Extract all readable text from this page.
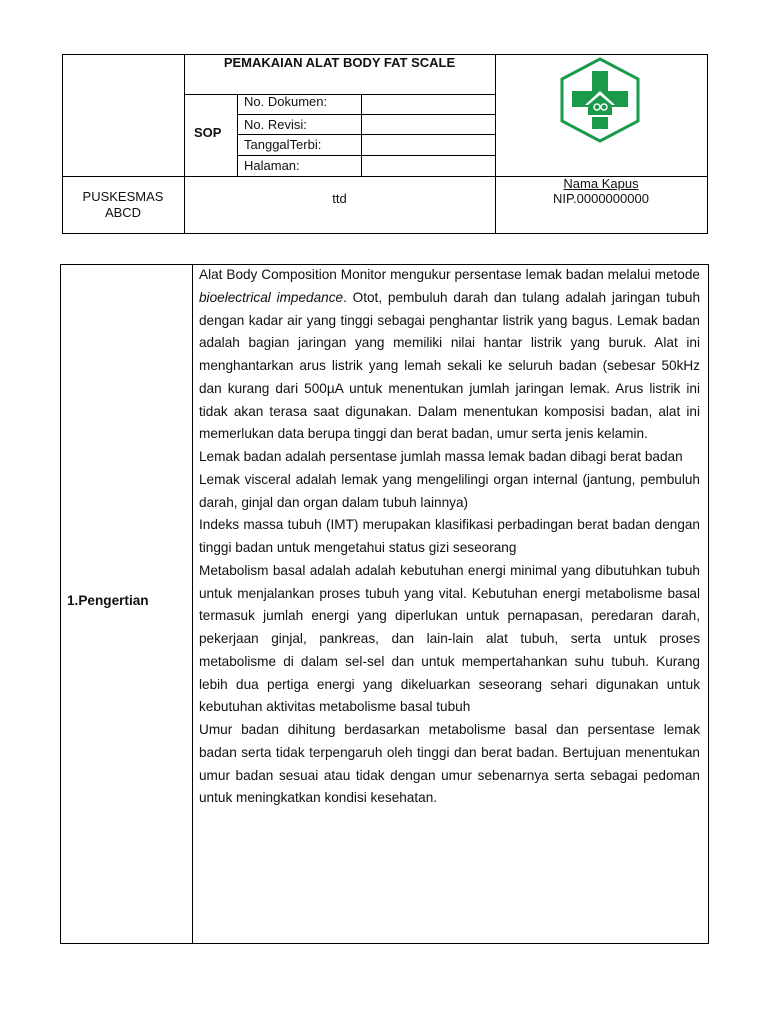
PEMAKAIAN ALAT BODY FAT SCALE
SOP
No. Dokumen:
No. Revisi:
TanggalTerbi:
Halaman:
PUSKESMAS
ABCD
ttd
Nama Kapus
NIP.0000000000
1.Pengertian

Alat Body Composition Monitor mengukur persentase lemak badan melalui metode bioelectrical impedance. Otot, pembuluh darah dan tulang adalah jaringan tubuh dengan kadar air yang tinggi sebagai penghantar listrik yang bagus. Lemak badan adalah bagian jaringan yang memiliki nilai hantar listrik yang buruk. Alat ini menghantarkan arus listrik yang lemah sekali ke seluruh badan (sebesar 50kHz dan kurang dari 500µA untuk menentukan jumlah jaringan lemak. Arus listrik ini tidak akan terasa saat digunakan. Dalam menentukan komposisi badan, alat ini memerlukan data berupa tinggi dan berat badan, umur serta jenis kelamin.

Lemak badan adalah persentase jumlah massa lemak badan dibagi berat badan

Lemak visceral adalah lemak yang mengelilingi organ internal (jantung, pembuluh darah, ginjal dan organ dalam tubuh lainnya)

Indeks massa tubuh (IMT) merupakan klasifikasi perbadingan berat badan dengan tinggi badan untuk mengetahui status gizi seseorang

Metabolism basal adalah adalah kebutuhan energi minimal yang dibutuhkan tubuh untuk menjalankan proses tubuh yang vital. Kebutuhan energi metabolisme basal termasuk jumlah energi yang diperlukan untuk pernapasan, peredaran darah, pekerjaan ginjal, pankreas, dan lain-lain alat tubuh, serta untuk proses metabolisme di dalam sel-sel dan untuk mempertahankan suhu tubuh. Kurang lebih dua pertiga energi yang dikeluarkan seseorang sehari digunakan untuk kebutuhan aktivitas metabolisme basal tubuh

Umur badan dihitung berdasarkan metabolisme basal dan persentase lemak badan serta tidak terpengaruh oleh tinggi dan berat badan. Bertujuan menentukan umur badan sesuai atau tidak dengan umur sebenarnya serta sebagai pedoman untuk meningkatkan kondisi kesehatan.
